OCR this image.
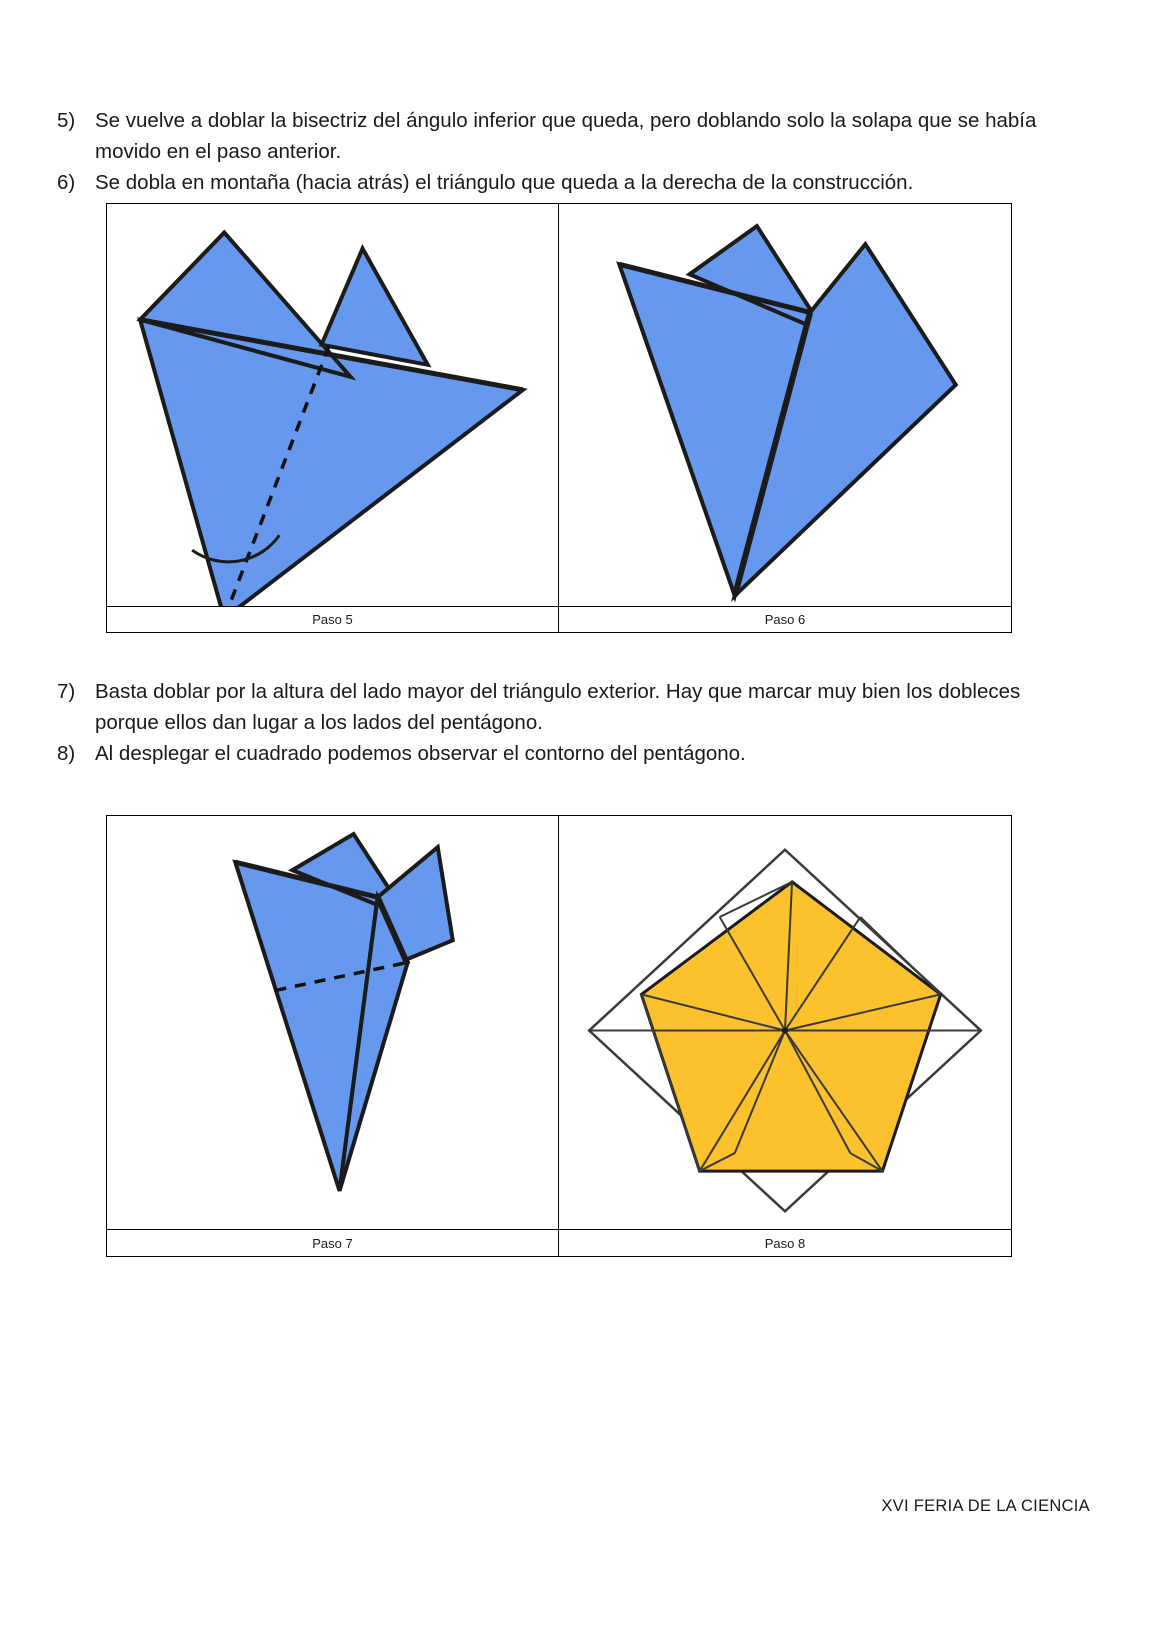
5) Se vuelve a doblar la bisectriz del ángulo inferior que queda, pero doblando solo la solapa que se había movido en el paso anterior.
6) Se dobla en montaña (hacia atrás) el triángulo que queda a la derecha de la construcción.
Paso 5	Paso 6
7) Basta doblar por la altura del lado mayor del triángulo exterior. Hay que marcar muy bien los dobleces porque ellos dan lugar a los lados del pentágono.
8) Al desplegar el cuadrado podemos observar el contorno del pentágono.
Paso 7	Paso 8
XVI FERIA DE LA CIENCIA
